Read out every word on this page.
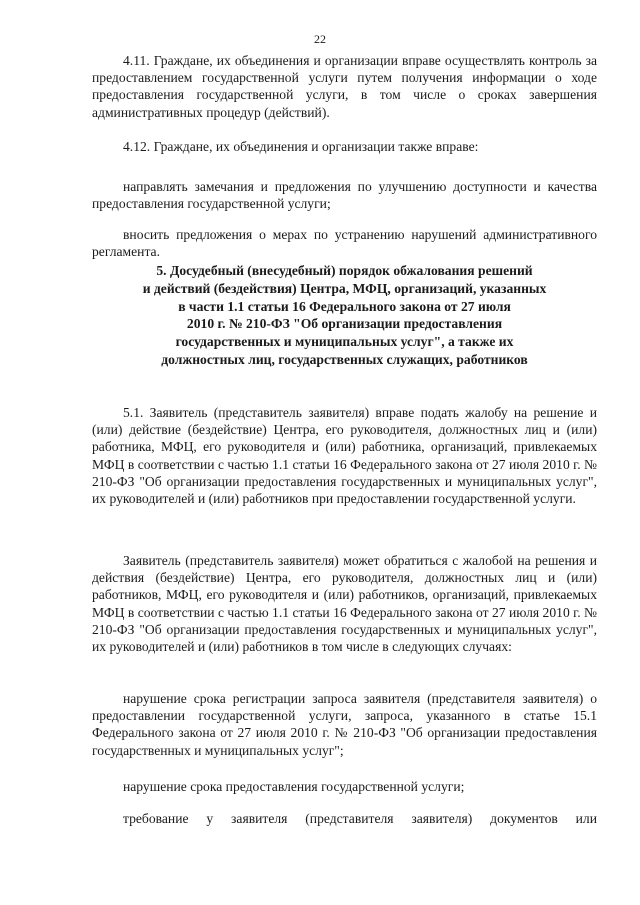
22

4.11. Граждане, их объединения и организации вправе осуществлять контроль за предоставлением государственной услуги путем получения информации о ходе предоставления государственной услуги, в том числе о сроках завершения административных процедур (действий).

4.12. Граждане, их объединения и организации также вправе:

направлять замечания и предложения по улучшению доступности и качества предоставления государственной услуги;

вносить предложения о мерах по устранению нарушений административного регламента.

5. Досудебный (внесудебный) порядок обжалования решений
и действий (бездействия) Центра, МФЦ, организаций, указанных
в части 1.1 статьи 16 Федерального закона от 27 июля
2010 г. № 210-ФЗ "Об организации предоставления
государственных и муниципальных услуг", а также их
должностных лиц, государственных служащих, работников

5.1. Заявитель (представитель заявителя) вправе подать жалобу на решение и (или) действие (бездействие) Центра, его руководителя, должностных лиц и (или) работника, МФЦ, его руководителя и (или) работника, организаций, привлекаемых МФЦ в соответствии с частью 1.1 статьи 16 Федерального закона от 27 июля 2010 г. № 210-ФЗ "Об организации предоставления государственных и муниципальных услуг", их руководителей и (или) работников при предоставлении государственной услуги.

Заявитель (представитель заявителя) может обратиться с жалобой на решения и действия (бездействие) Центра, его руководителя, должностных лиц и (или) работников, МФЦ, его руководителя и (или) работников, организаций, привлекаемых МФЦ в соответствии с частью 1.1 статьи 16 Федерального закона от 27 июля 2010 г. № 210-ФЗ "Об организации предоставления государственных и муниципальных услуг",
их руководителей и (или) работников в том числе в следующих случаях:

нарушение срока регистрации запроса заявителя (представителя заявителя) о предоставлении государственной услуги, запроса, указанного в статье 15.1 Федерального закона от 27 июля 2010 г. № 210-ФЗ "Об организации предоставления государственных и муниципальных услуг";

нарушение срока предоставления государственной услуги;

требование у заявителя (представителя заявителя) документов или
